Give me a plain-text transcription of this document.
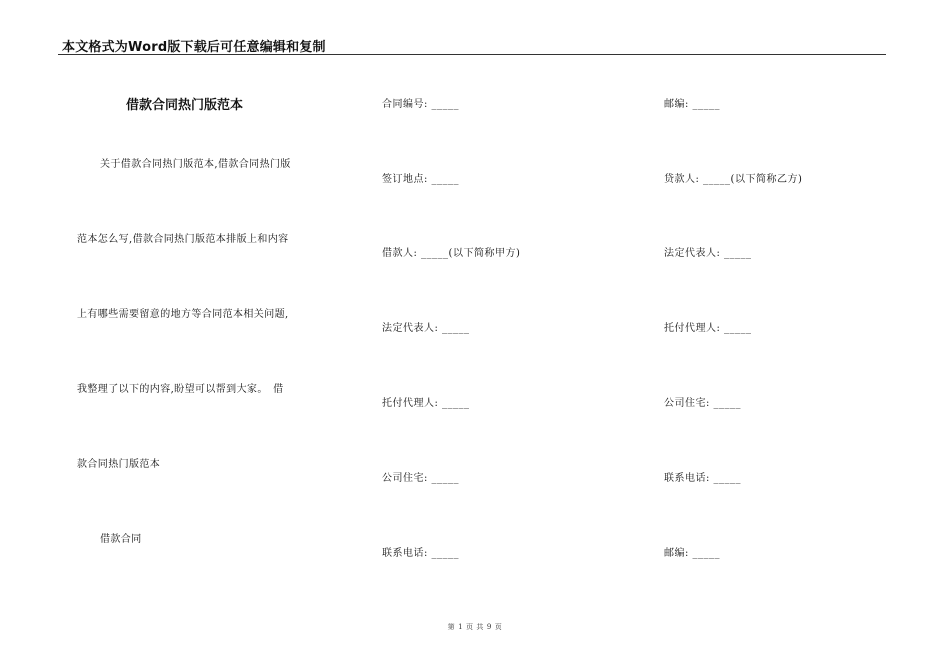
本文格式为Word版下载后可任意编辑和复制
借款合同热门版范本
关于借款合同热门版范本,借款合同热门版
范本怎么写,借款合同热门版范本排版上和内容
上有哪些需要留意的地方等合同范本相关问题,
我整理了以下的内容,盼望可以帮到大家。　借
款合同热门版范本
借款合同
合同编号: _____
签订地点: _____
借款人: _____(以下简称甲方)
法定代表人: _____
托付代理人: _____
公司住宅: _____
联系电话: _____
邮编: _____
贷款人: _____(以下简称乙方)
法定代表人: _____
托付代理人: _____
公司住宅: _____
联系电话: _____
邮编: _____
第 1 页 共 9 页
